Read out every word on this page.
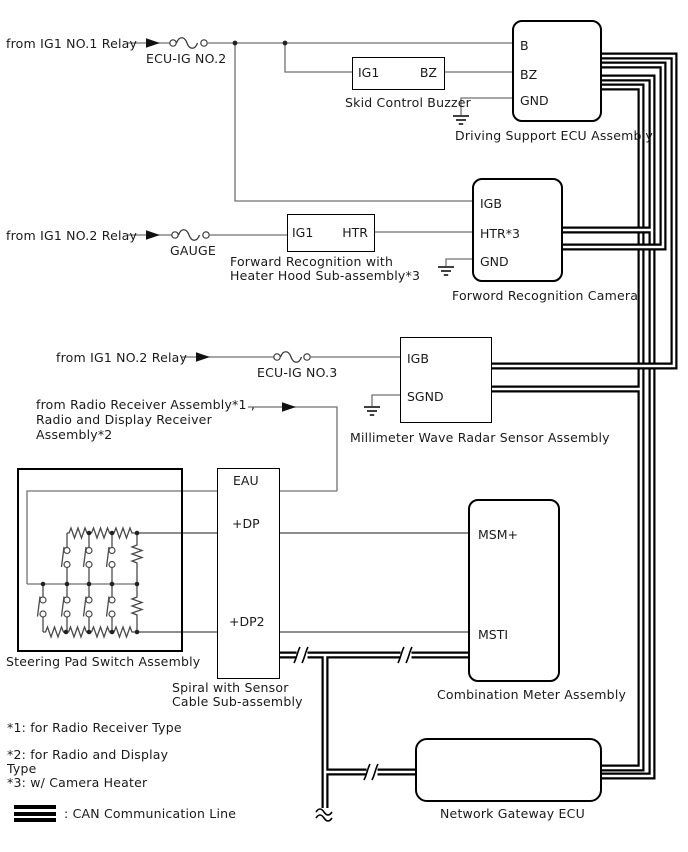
B
BZ
GND
IG1	BZ
IG1 HTR
IGB
HTR*3
GND
IGB
SGND
EAU
+DP
+DP2
MSM+
MSTI
from IG1 NO.1 Relay
ECU-IG NO.2
from IG1 NO.2 Relay
GAUGE
from IG1 NO.2 Relay
ECU-IG NO.3
from Radio Receiver Assembly*1 ,
Radio and Display Receiver
Assembly*2
Skid Control Buzzer
Driving Support ECU Assembly
Forward Recognition with
Heater Hood Sub-assembly*3
Forword Recognition Camera
Millimeter Wave Radar Sensor Assembly
Steering Pad Switch Assembly
Spiral with Sensor
Cable Sub-assembly	Combination Meter Assembly
Network Gateway ECU
*1: for Radio Receiver Type
*2: for Radio and Display
Type
*3: w/ Camera Heater
: CAN Communication Line
